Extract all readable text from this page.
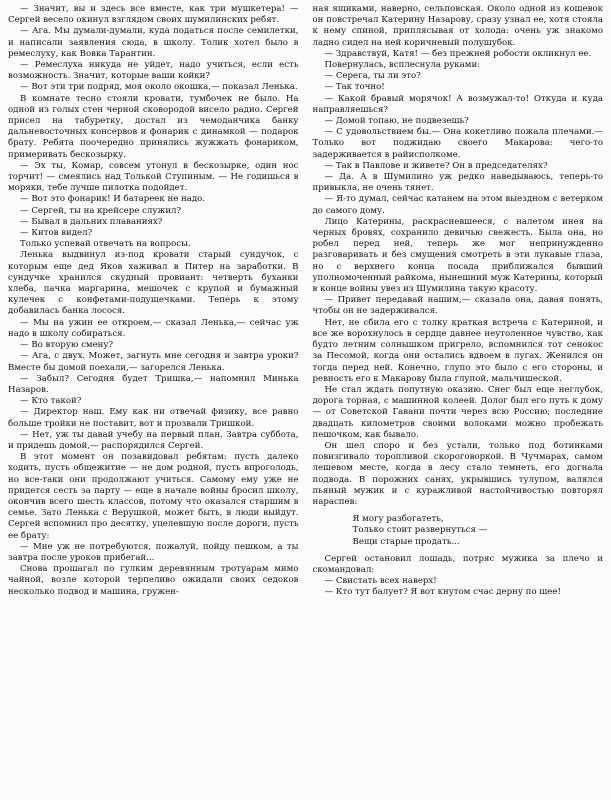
— Значит, вы и здесь все вместе, как три мушкетера! — Сергей весело окинул взглядом своих шумилинских ребят.

— Ага. Мы думали-думали, куда податься после семилетки, и написали заявления сюда, в школу. Толик хотел было в ремеслуху, как Вовка Тарантин.

— Ремеслуха никуда не уйдет, надо учиться, если есть возможность. Значит, которые ваши койки?

— Вот эти три подряд, моя около окошка,— показал Ленька.

В комнате тесно стояли кровати, тумбочек не было. На одной из голых стен черной сковородой висело радио. Сергей присел на табуретку, достал из чемоданчика банку дальневосточных консервов и фонарик с динамкой — подарок брату. Ребята поочередно принялись жужжать фонариком, примеривать бескозырку.

— Эх ты, Комар, совсем утонул в бескозырке, один нос торчит! — смеялись над Толькой Ступиным. — Не годишься в моряки, тебе лучше пилотка подойдет.

— Вот это фонарик! И батареек не надо.

— Сергей, ты на крейсере служил?

— Бывал в дальних плаваниях?

— Китов видел?

Только успевай отвечать на вопросы.

Ленька выдвинул из-под кровати старый сундучок, с которым еще дед Яков хаживал в Питер на заработки. В сундучке хранился скудный провиант: четверть буханки хлеба, пачка маргарина, мешочек с крупой и бумажный кулечек с конфетами-подушечками. Теперь к этому добавилась банка лосося.

— Мы на ужин ее откроем,— сказал Ленька,— сейчас уж надо в школу собираться.

— Во вторую смену?

— Ага, с двух. Может, загнуть мне сегодня и завтра уроки? Вместе бы домой поехали,— загорелся Ленька.

— Забыл? Сегодня будет Тришка,— напомнил Минька Назаров.

— Кто такой?

— Директор наш. Ему как ни отвечай физику, все равно больше тройки не поставит, вот и прозвали Тришкой.

— Нет, уж ты давай учебу на первый план. Завтра суббота, и придешь домой,— распорядился Сергей.

В этот момент он позавидовал ребятам: пусть далеко ходить, пусть общежитие — не дом родной, пусть впроголодь, но все-таки они продолжают учиться. Самому ему уже не придется сесть за парту — еще в начале войны бросил школу, окончив всего шесть классов, потому что оказался старшим в семье. Зато Ленька с Верушкой, может быть, в люди выйдут. Сергей вспомнил про десятку, уцелевшую после дороги, пусть ее брату:

— Мне уж не потребуются, пожалуй, пойду пешком, а ты завтра после уроков прибегай...

Снова прошагал по гулким деревянным тротуарам мимо чайной, возле которой терпеливо ожидали своих седоков несколько подвод и машина, гружен-

ная ящиками, наверно, сельповская. Около одной из кошевок он повстречал Катерину Назарову, сразу узнал ее, хотя стояла к нему спиной, приплясывая от холода: очень уж знакомо ладно сидел на ней коричневый полушубок.

— Здравствуй, Катя! — без прежней робости окликнул ее.

Повернулась, всплеснула руками:

— Серега, ты ли это?

— Так точно!

— Какой бравый морячок! А возмужал-то! Откуда и куда направляешься?

— Домой топаю, не подвезешь?

— С удовольствием бы.— Она кокетливо пожала плечами.— Только вот поджидаю своего Макарова: чего-то задерживается в райисполкоме.

— Так в Павлове и живете? Он в председателях?

— Да. А в Шумилино уж редко наведываюсь, теперь-то привыкла, не очень тянет.

— Я-то думал, сейчас катанем на этом выездном с ветерком до самого дому.

Лицо Катерины, раскрасневшееся, с налетом инея на черных бровях, сохранило девичью свежесть. Была она, но робел перед ней, теперь же мог непринужденно разговаривать и без смущения смотреть в эти лукавые глаза, но с верхнего конца посада приближался бывший уполномоченный райкома, нынешний муж Катерины, который в конце войны увез из Шумилина такую красоту.

— Привет передавай нашим,— сказала она, давая понять, чтобы он не задерживался.

Нет, не сбила его с толку краткая встреча с Катериной, и все же ворохнулось в сердце давнее неутоленное чувство, как будто летним солнышком пригрело, вспомнился тот сенокос за Песомой, когда они остались вдвоем в лугах. Женился он тогда перед ней. Конечно, глупо это было с его стороны, и ревность его к Макарову была глупой, мальчишеской.

Не стал ждать попутную оказию. Снег был еще неглубок, дорога торная, с машинной колеей. Долог был его путь к дому — от Советской Гавани почти через всю Россию; последние двадцать километров своими волоками можно пробежать пешочком, как бывало.

Он шел споро и без устали, только под ботинками повизгивало торопливой скороговоркой. В Чучмарах, самом лешевом месте, когда в лесу стало темнеть, его догнала подвода. В порожних санях, укрывшись тулупом, валялся пьяный мужик и с куражливой настойчивостью повторял нараспев:

Я могу разбогатеть,
Только стоит развернуться —
Вещи старые продать...

Сергей остановил лошадь, потряс мужика за плечо и скомандовал:

— Свистать всех наверх!

— Кто тут балует? Я вот кнутом счас дерну по шее!
